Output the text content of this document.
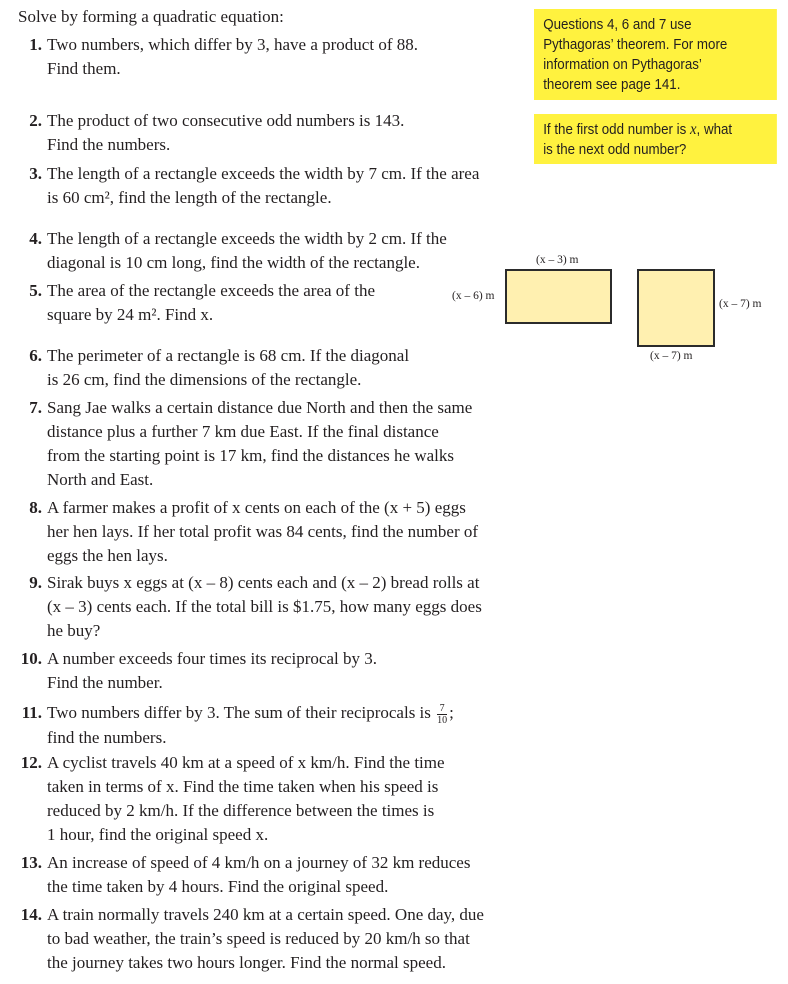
Solve by forming a quadratic equation:
1. Two numbers, which differ by 3, have a product of 88.
Find them.
2. The product of two consecutive odd numbers is 143.
Find the numbers.
3. The length of a rectangle exceeds the width by 7 cm. If the area
is 60 cm², find the length of the rectangle.
4. The length of a rectangle exceeds the width by 2 cm. If the
diagonal is 10 cm long, find the width of the rectangle.
5. The area of the rectangle exceeds the area of the
square by 24 m². Find x.
6. The perimeter of a rectangle is 68 cm. If the diagonal
is 26 cm, find the dimensions of the rectangle.
7. Sang Jae walks a certain distance due North and then the same
distance plus a further 7 km due East. If the final distance
from the starting point is 17 km, find the distances he walks
North and East.
8. A farmer makes a profit of x cents on each of the (x + 5) eggs
her hen lays. If her total profit was 84 cents, find the number of
eggs the hen lays.
9. Sirak buys x eggs at (x – 8) cents each and (x – 2) bread rolls at
(x – 3) cents each. If the total bill is $1.75, how many eggs does
he buy?
10. A number exceeds four times its reciprocal by 3.
Find the number.
11. Two numbers differ by 3. The sum of their reciprocals is $\frac{7}{10}$ ;
find the numbers.
12. A cyclist travels 40 km at a speed of x km/h. Find the time
taken in terms of x. Find the time taken when his speed is
reduced by 2 km/h. If the difference between the times is
1 hour, find the original speed x.
13. An increase of speed of 4 km/h on a journey of 32 km reduces
the time taken by 4 hours. Find the original speed.
14. A train normally travels 240 km at a certain speed. One day, due
to bad weather, the train’s speed is reduced by 20 km/h so that
the journey takes two hours longer. Find the normal speed.
Questions 4, 6 and 7 use
Pythagoras’ theorem. For more
information on Pythagoras’
theorem see page 141.
If the first odd number is x, what
is the next odd number?
(x – 3) m
(x – 6) m
(x – 7) m
(x – 7) m
